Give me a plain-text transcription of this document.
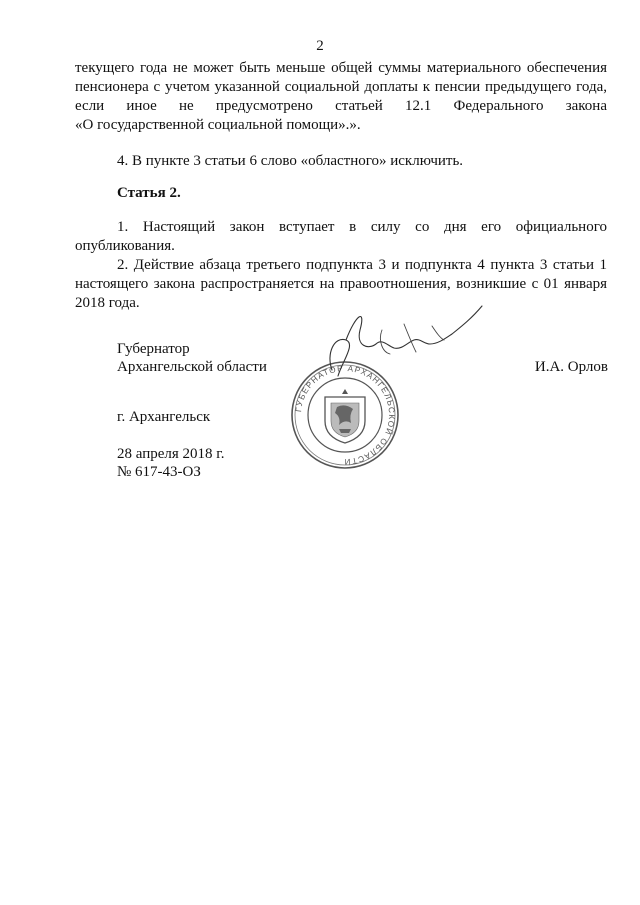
2

текущего года не может быть меньше общей суммы материального обеспечения

пенсионера с учетом указанной социальной доплаты к пенсии предыдущего года,

если иное не предусмотрено статьей 12.1 Федерального закона

«О государственной социальной помощи».».

4. В пункте 3 статьи 6 слово «областного» исключить.

Статья 2.

1. Настоящий закон вступает в силу со дня его официального опубликования.

2. Действие абзаца третьего подпункта 3 и подпункта 4 пункта 3 статьи 1 настоящего закона распространяется на правоотношения, возникшие с 01 января 2018 года.

Губернатор
Архангельской области	И.А. Орлов
г. Архангельск
28 апреля 2018 г.
№ 617-43-ОЗ
ГУБЕРНАТОР АРХАНГЕЛЬСКОЙ ОБЛАСТИ
